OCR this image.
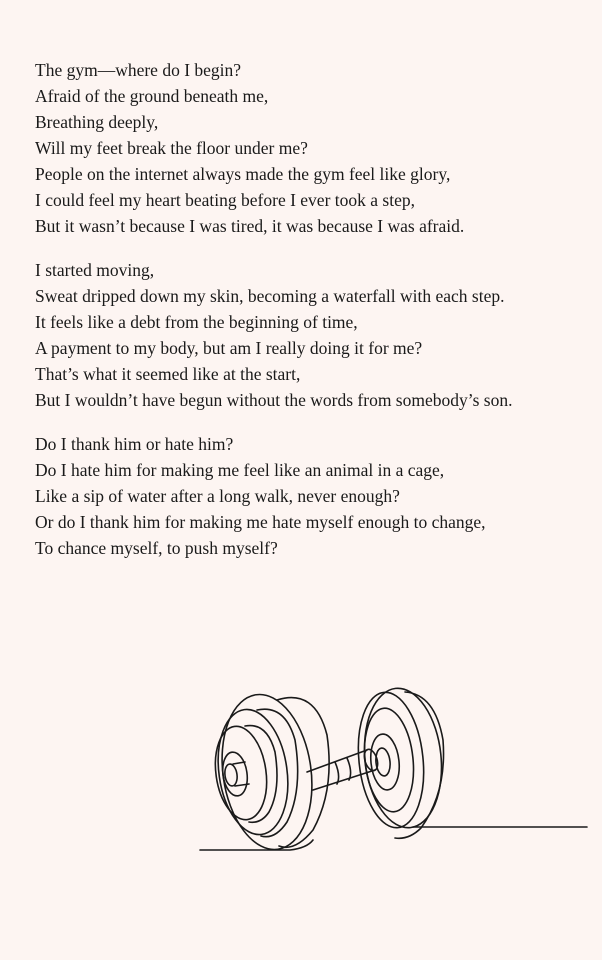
The gym—where do I begin?
Afraid of the ground beneath me,
Breathing deeply,
Will my feet break the floor under me?
People on the internet always made the gym feel like glory,
I could feel my heart beating before I ever took a step,
But it wasn’t because I was tired, it was because I was afraid.
I started moving,
Sweat dripped down my skin, becoming a waterfall with each step.
It feels like a debt from the beginning of time,
A payment to my body, but am I really doing it for me?
That’s what it seemed like at the start,
But I wouldn’t have begun without the words from somebody’s son.
Do I thank him or hate him?
Do I hate him for making me feel like an animal in a cage,
Like a sip of water after a long walk, never enough?
Or do I thank him for making me hate myself enough to change,
To chance myself, to push myself?
